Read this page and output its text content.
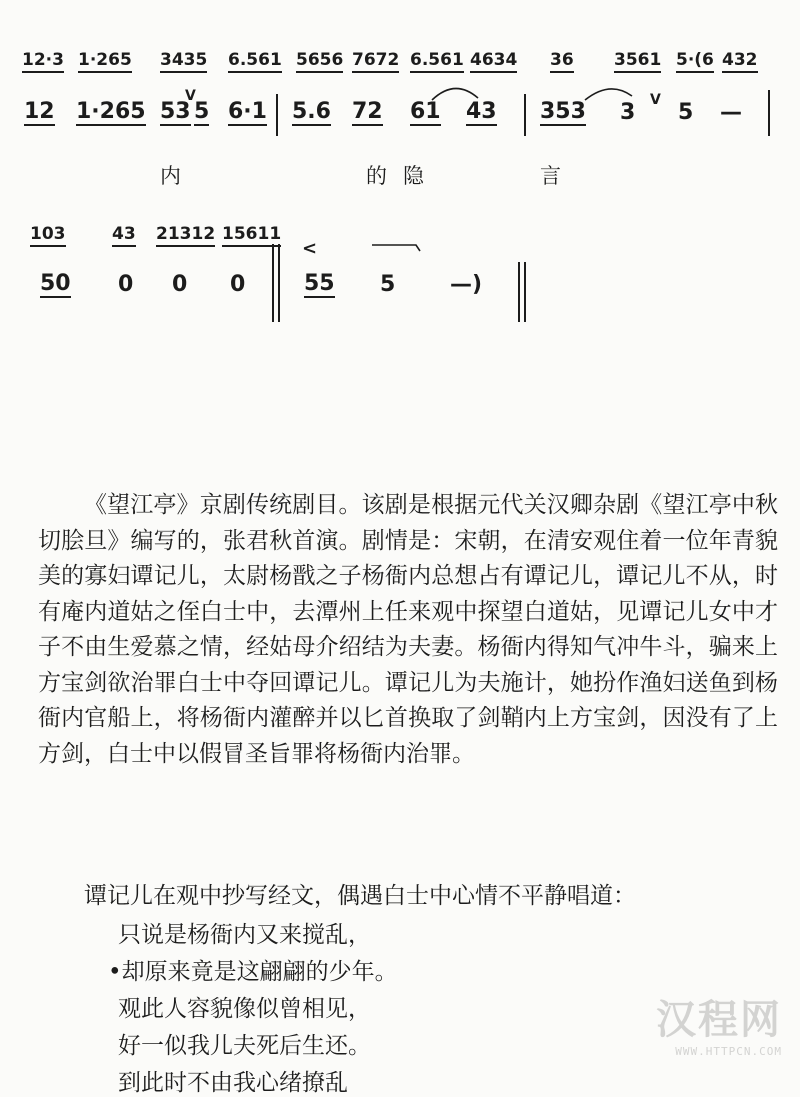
12·3 1·265 3435 6.561 5656 7672 6.561 4634 36 3561 5·(6 432
V	V
12 1·265 53 5 6·1 5.6 72 61 43 353 3 5 —
内	的隐	言
103	43 21312 15611
<
50 0 0 0	55 5 —)

《望江亭》京剧传统剧目。该剧是根据元代关汉卿杂剧《望江亭中秋切脍旦》编写的，张君秋首演。剧情是：宋朝，在清安观住着一位年青貌美的寡妇谭记儿，太尉杨戬之子杨衙内总想占有谭记儿，谭记儿不从，时有庵内道姑之侄白士中，去潭州上任来观中探望白道姑，见谭记儿女中才子不由生爱慕之情，经姑母介绍结为夫妻。杨衙内得知气冲牛斗，骗来上方宝剑欲治罪白士中夺回谭记儿。谭记儿为夫施计，她扮作渔妇送鱼到杨衙内官船上，将杨衙内灌醉并以匕首换取了剑鞘内上方宝剑，因没有了上方剑，白士中以假冒圣旨罪将杨衙内治罪。

谭记儿在观中抄写经文，偶遇白士中心情不平静唱道：

只说是杨衙内又来搅乱，
•却原来竟是这翩翩的少年。
观此人容貌像似曾相见，
好一似我儿夫死后生还。
到此时不由我心绪撩乱
汉程网
WWW.HTTPCN.COM
